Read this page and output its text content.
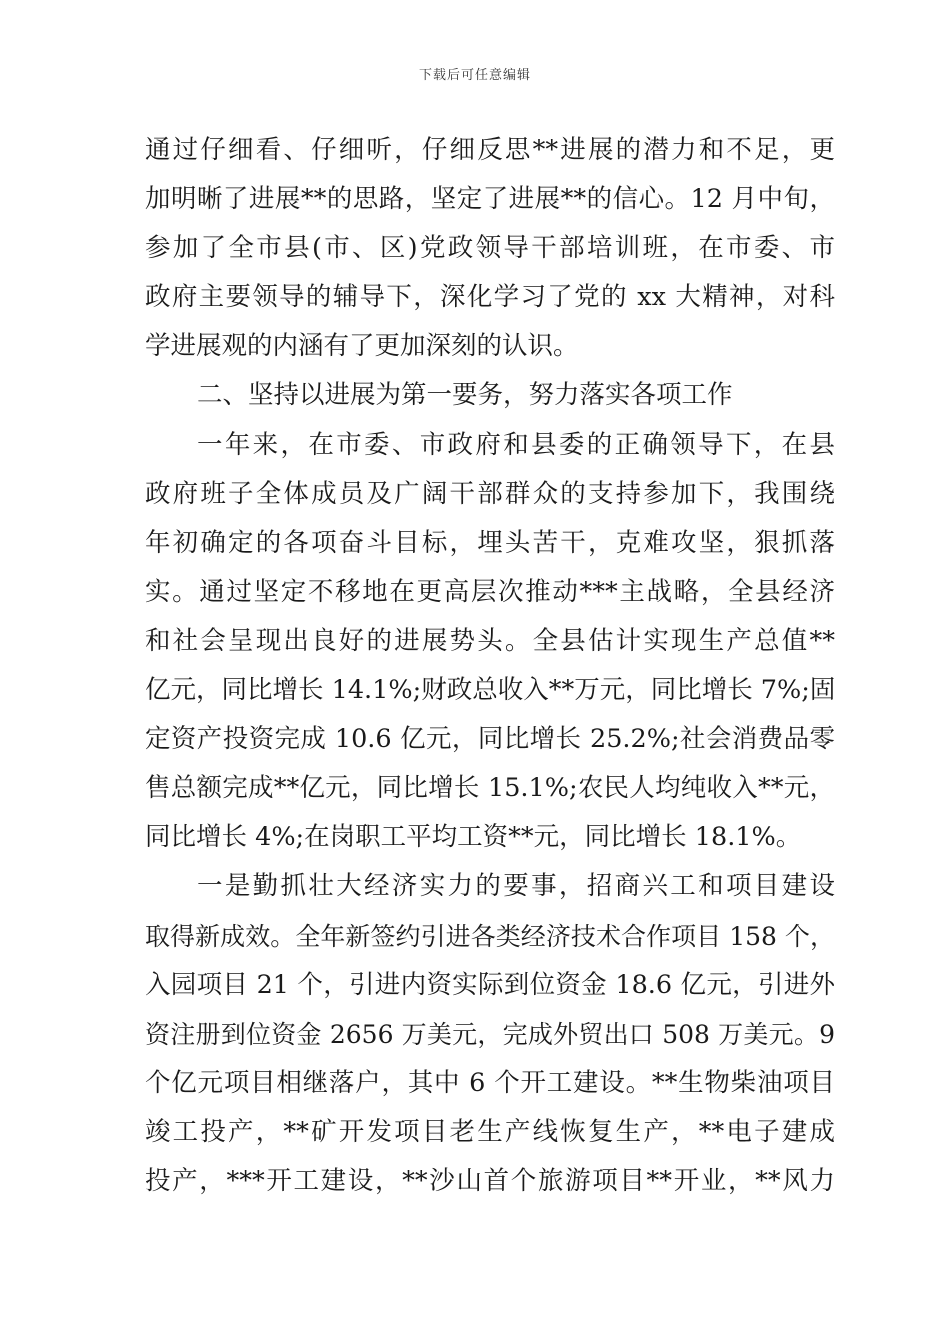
下载后可任意编辑
通过仔细看、仔细听，仔细反思**进展的潜力和不足，更
加明晰了进展**的思路，坚定了进展**的信心。12 月中旬，
参加了全市县(市、区)党政领导干部培训班，在市委、市
政府主要领导的辅导下，深化学习了党的 xx 大精神，对科
学进展观的内涵有了更加深刻的认识。
二、坚持以进展为第一要务，努力落实各项工作
一年来，在市委、市政府和县委的正确领导下，在县
政府班子全体成员及广阔干部群众的支持参加下，我围绕
年初确定的各项奋斗目标，埋头苦干，克难攻坚，狠抓落
实。通过坚定不移地在更高层次推动***主战略，全县经济
和社会呈现出良好的进展势头。全县估计实现生产总值**
亿元，同比增长 14.1%;财政总收入**万元，同比增长 7%;固
定资产投资完成 10.6 亿元，同比增长 25.2%;社会消费品零
售总额完成**亿元，同比增长 15.1%;农民人均纯收入**元，
同比增长 4%;在岗职工平均工资**元，同比增长 18.1%。
一是勤抓壮大经济实力的要事，招商兴工和项目建设
取得新成效。全年新签约引进各类经济技术合作项目 158 个，
入园项目 21 个，引进内资实际到位资金 18.6 亿元，引进外
资注册到位资金 2656 万美元，完成外贸出口 508 万美元。9
个亿元项目相继落户，其中 6 个开工建设。**生物柴油项目
竣工投产，**矿开发项目老生产线恢复生产，**电子建成
投产，***开工建设，**沙山首个旅游项目**开业，**风力
